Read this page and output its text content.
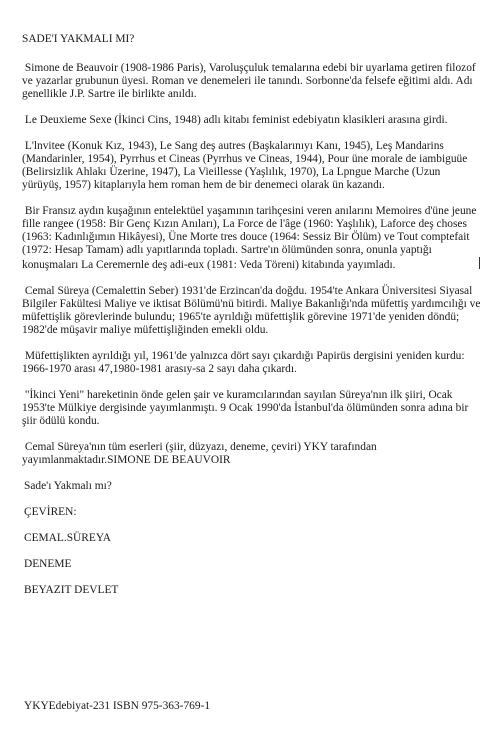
SADE'I YAKMALI MI?

Simone de Beauvoir (1908-1986 Paris), Varoluşçuluk temalarına edebi bir uyarlama getiren filozof ve yazarlar grubunun üyesi. Roman ve denemeleri ile tanındı. Sorbonne'da felsefe eğitimi aldı. Adı genellikle J.P. Sartre ile birlikte anıldı.

Le Deuxieme Sexe (İkinci Cins, 1948) adlı kitabı feminist edebiyatın klasikleri arasına girdi.

L'lnvitee (Konuk Kız, 1943), Le Sang deş autres (Başkalarınıyı Kanı, 1945), Leş Mandarins (Mandarinler, 1954), Pyrrhus et Cineas (Pyrrhus ve Cineas, 1944), Pour üne morale de iambiguüe (Belirsizlik Ahlakı Üzerine, 1947), La Vieillesse (Yaşlılık, 1970), La Lpngue Marche (Uzun yürüyüş, 1957) kitaplarıyla hem roman hem de bir denemeci olarak ün kazandı.

Bir Fransız aydın kuşağının entelektüel yaşamının tarihçesini veren anılarını Memoires d'üne jeune fille rangee (1958: Bir Genç Kızın Anıları), La Force de l'âge (1960: Yaşlılık), Laforce deş choses (1963: Kadınlığımın Hikâyesi), Üne Morte tres douce (1964: Sessiz Bir Ölüm) ve Tout comptefait (1972: Hesap Tamam) adlı yapıtlarında topladı. Sartre'ın ölümünden sonra, onunla yaptığı konuşmaları La Ceremernle deş adi-eux (1981: Veda Töreni) kitabında yayımladı.

Cemal Süreya (Cemalettin Seber) 1931'de Erzincan'da doğdu. 1954'te Ankara Üniversitesi Siyasal Bilgiler Fakültesi Maliye ve iktisat Bölümü'nü bitirdi. Maliye Bakanlığı'nda müfettiş yardımcılığı ve müfettişlik görevlerinde bulundu; 1965'te ayrıldığı müfettişlik görevine 1971'de yeniden döndü; 1982'de müşavir maliye müfettişliğinden emekli oldu.

Müfettişlikten ayrıldığı yıl, 1961'de yalnızca dört sayı çıkardığı Papirüs dergisini yeniden kurdu: 1966-1970 arası 47,1980-1981 arasıy-sa 2 sayı daha çıkardı.

"İkinci Yeni" hareketinin önde gelen şair ve kuramcılarından sayılan Süreya'nın ilk şiiri, Ocak 1953'te Mülkiye dergisinde yayımlanmıştı. 9 Ocak 1990'da İstanbul'da ölümünden sonra adına bir şiir ödülü kondu.

Cemal Süreya'nın tüm eserleri (şiir, düzyazı, deneme, çeviri) YKY tarafından yayımlanmaktadır.SIMONE DE BEAUVOIR

Sade'ı Yakmalı mı?

ÇEVİREN:

CEMAL.SÜREYA

DENEME

BEYAZIT DEVLET

YKYEdebiyat-231 ISBN 975-363-769-1
